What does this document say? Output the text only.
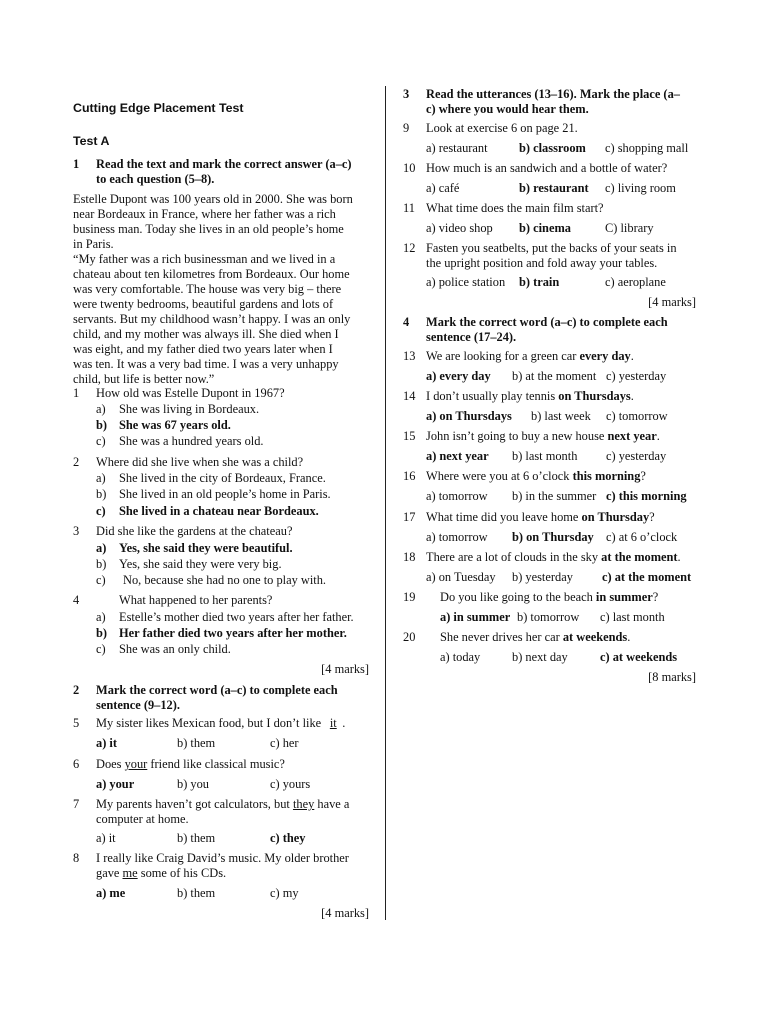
Cutting Edge Placement Test
Test A
1 Read the text and mark the correct answer (a–c)
to each question (5–8).
Estelle Dupont was 100 years old in 2000. She was born
near Bordeaux in France, where her father was a rich
business man. Today she lives in an old people’s home
in Paris.
“My father was a rich businessman and we lived in a
chateau about ten kilometres from Bordeaux. Our home
was very comfortable. The house was very big – there
were twenty bedrooms, beautiful gardens and lots of
servants. But my childhood wasn’t happy. I was an only
child, and my mother was always ill. She died when I
was eight, and my father died two years later when I
was ten. It was a very bad time. I was a very unhappy
child, but life is better now.”
1 How old was Estelle Dupont in 1967?
a) She was living in Bordeaux.
b) She was 67 years old.
c) She was a hundred years old.
2 Where did she live when she was a child?
a) She lived in the city of Bordeaux, France.
b) She lived in an old people’s home in Paris.
c) She lived in a chateau near Bordeaux.
3 Did she like the gardens at the chateau?
a) Yes, she said they were beautiful.
b) Yes, she said they were very big.
c) No, because she had no one to play with.
4	What happened to her parents?
a) Estelle’s mother died two years after her father.
b) Her father died two years after her mother.
c) She was an only child.
[4 marks]
2 Mark the correct word (a–c) to complete each
sentence (9–12).
5 My sister likes Mexican food, but I don’t like it .
a) it	b) them	c) her
6 Does your friend like classical music?
a) your	b) you	c) yours
7 My parents haven’t got calculators, but they have a
computer at home.
a) it	b) them	c) they
8 I really like Craig David’s music. My older brother
gave me some of his CDs.
a) me	b) them	c) my
[4 marks]
3 Read the utterances (13–16). Mark the place (a–
c) where you would hear them.
9 Look at exercise 6 on page 21.
a) restaurant	b) classroom c) shopping mall
10 How much is an sandwich and a bottle of water?
a) café	b) restaurant c) living room
11 What time does the main film start?
a) video shop b) cinema	C) library
12 Fasten you seatbelts, put the backs of your seats in
the upright position and fold away your tables.
a) police station b) train	c) aeroplane
[4 marks]
4 Mark the correct word (a–c) to complete each
sentence (17–24).
13 We are looking for a green car every day.
a) every day b) at the moment c) yesterday
14 I don’t usually play tennis on Thursdays.
a) on Thursdays b) last week c) tomorrow
15 John isn’t going to buy a new house next year.
a) next year b) last month c) yesterday
16 Where were you at 6 o’clock this morning?
a) tomorrow b) in the summer c) this morning
17 What time did you leave home on Thursday?
a) tomorrow b) on Thursday c) at 6 o’clock
18 There are a lot of clouds in the sky at the moment.
a) on Tuesday b) yesterday c) at the moment
19 Do you like going to the beach in summer?
a) in summer b) tomorrow c) last month
20 She never drives her car at weekends.
a) today	b) next day	c) at weekends
[8 marks]
